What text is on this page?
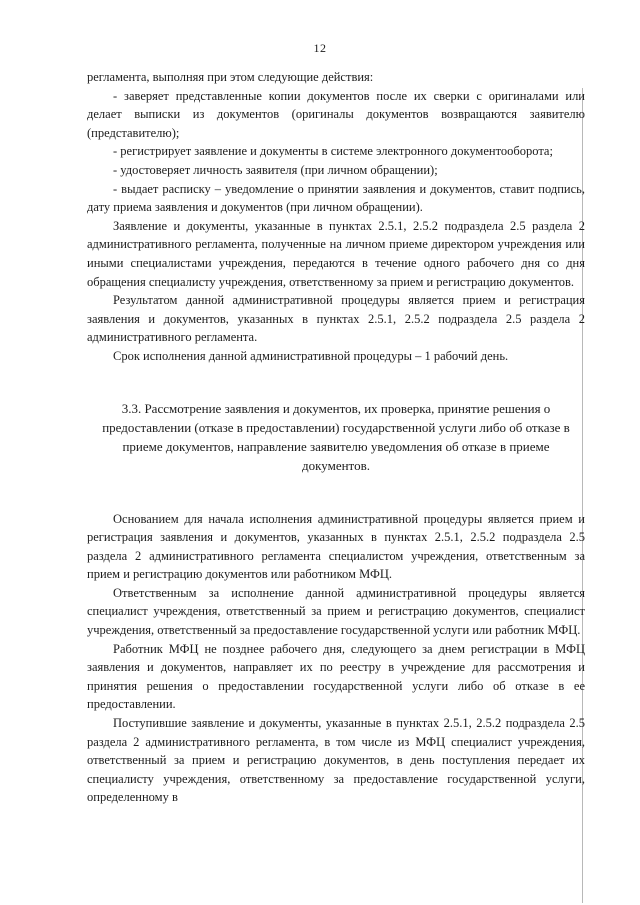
12

регламента, выполняя при этом следующие действия:

- заверяет представленные копии документов после их сверки с оригиналами или делает выписки из документов (оригиналы документов возвращаются заявителю (представителю);

- регистрирует заявление и документы в системе электронного документооборота;

- удостоверяет личность заявителя (при личном обращении);

- выдает расписку – уведомление о принятии заявления и документов, ставит подпись, дату приема заявления и документов (при личном обращении).

Заявление и документы, указанные в пунктах 2.5.1, 2.5.2 подраздела 2.5 раздела 2 административного регламента, полученные на личном приеме директором учреждения или иными специалистами учреждения, передаются в течение одного рабочего дня со дня обращения специалисту учреждения, ответственному за прием и регистрацию документов.

Результатом данной административной процедуры является прием и регистрация заявления и документов, указанных в пунктах 2.5.1, 2.5.2 подраздела 2.5 раздела 2 административного регламента.

Срок исполнения данной административной процедуры – 1 рабочий день.

3.3. Рассмотрение заявления и документов, их проверка, принятие решения о предоставлении (отказе в предоставлении) государственной услуги либо об отказе в приеме документов, направление заявителю уведомления об отказе в приеме документов.

Основанием для начала исполнения административной процедуры является прием и регистрация заявления и документов, указанных в пунктах 2.5.1, 2.5.2 подраздела 2.5 раздела 2 административного регламента специалистом учреждения, ответственным за прием и регистрацию документов или работником МФЦ.

Ответственным за исполнение данной административной процедуры является специалист учреждения, ответственный за прием и регистрацию документов, специалист учреждения, ответственный за предоставление государственной услуги или работник МФЦ.

Работник МФЦ не позднее рабочего дня, следующего за днем регистрации в МФЦ заявления и документов, направляет их по реестру в учреждение для рассмотрения и принятия решения о предоставлении государственной услуги либо об отказе в ее предоставлении.

Поступившие заявление и документы, указанные в пунктах 2.5.1, 2.5.2 подраздела 2.5 раздела 2 административного регламента, в том числе из МФЦ специалист учреждения, ответственный за прием и регистрацию документов, в день поступления передает их специалисту учреждения, ответственному за предоставление государственной услуги, определенному в
